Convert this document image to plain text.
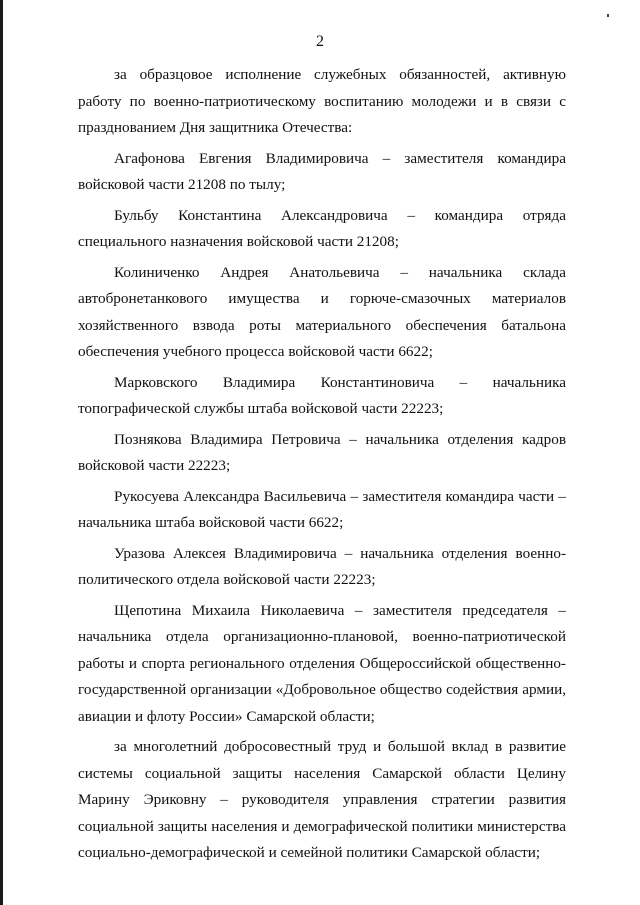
2

за образцовое исполнение служебных обязанностей, активную работу по военно-патриотическому воспитанию молодежи и в связи с празднованием Дня защитника Отечества:

Агафонова Евгения Владимировича – заместителя командира войсковой части 21208 по тылу;

Бульбу Константина Александровича – командира отряда специального назначения войсковой части 21208;

Колиниченко Андрея Анатольевича – начальника склада автобронетанкового имущества и горюче-смазочных материалов хозяйственного взвода роты материального обеспечения батальона обеспечения учебного процесса войсковой части 6622;

Марковского Владимира Константиновича – начальника топографической службы штаба войсковой части 22223;

Познякова Владимира Петровича – начальника отделения кадров войсковой части 22223;

Рукосуева Александра Васильевича – заместителя командира части – начальника штаба войсковой части 6622;

Уразова Алексея Владимировича – начальника отделения военно-политического отдела войсковой части 22223;

Щепотина Михаила Николаевича – заместителя председателя – начальника отдела организационно-плановой, военно-патриотической работы и спорта регионального отделения Общероссийской общественно-государственной организации «Добровольное общество содействия армии, авиации и флоту России» Самарской области;

за многолетний добросовестный труд и большой вклад в развитие системы социальной защиты населения Самарской области Целину Марину Эриковну – руководителя управления стратегии развития социальной защиты населения и демографической политики министерства социально-демографической и семейной политики Самарской области;
